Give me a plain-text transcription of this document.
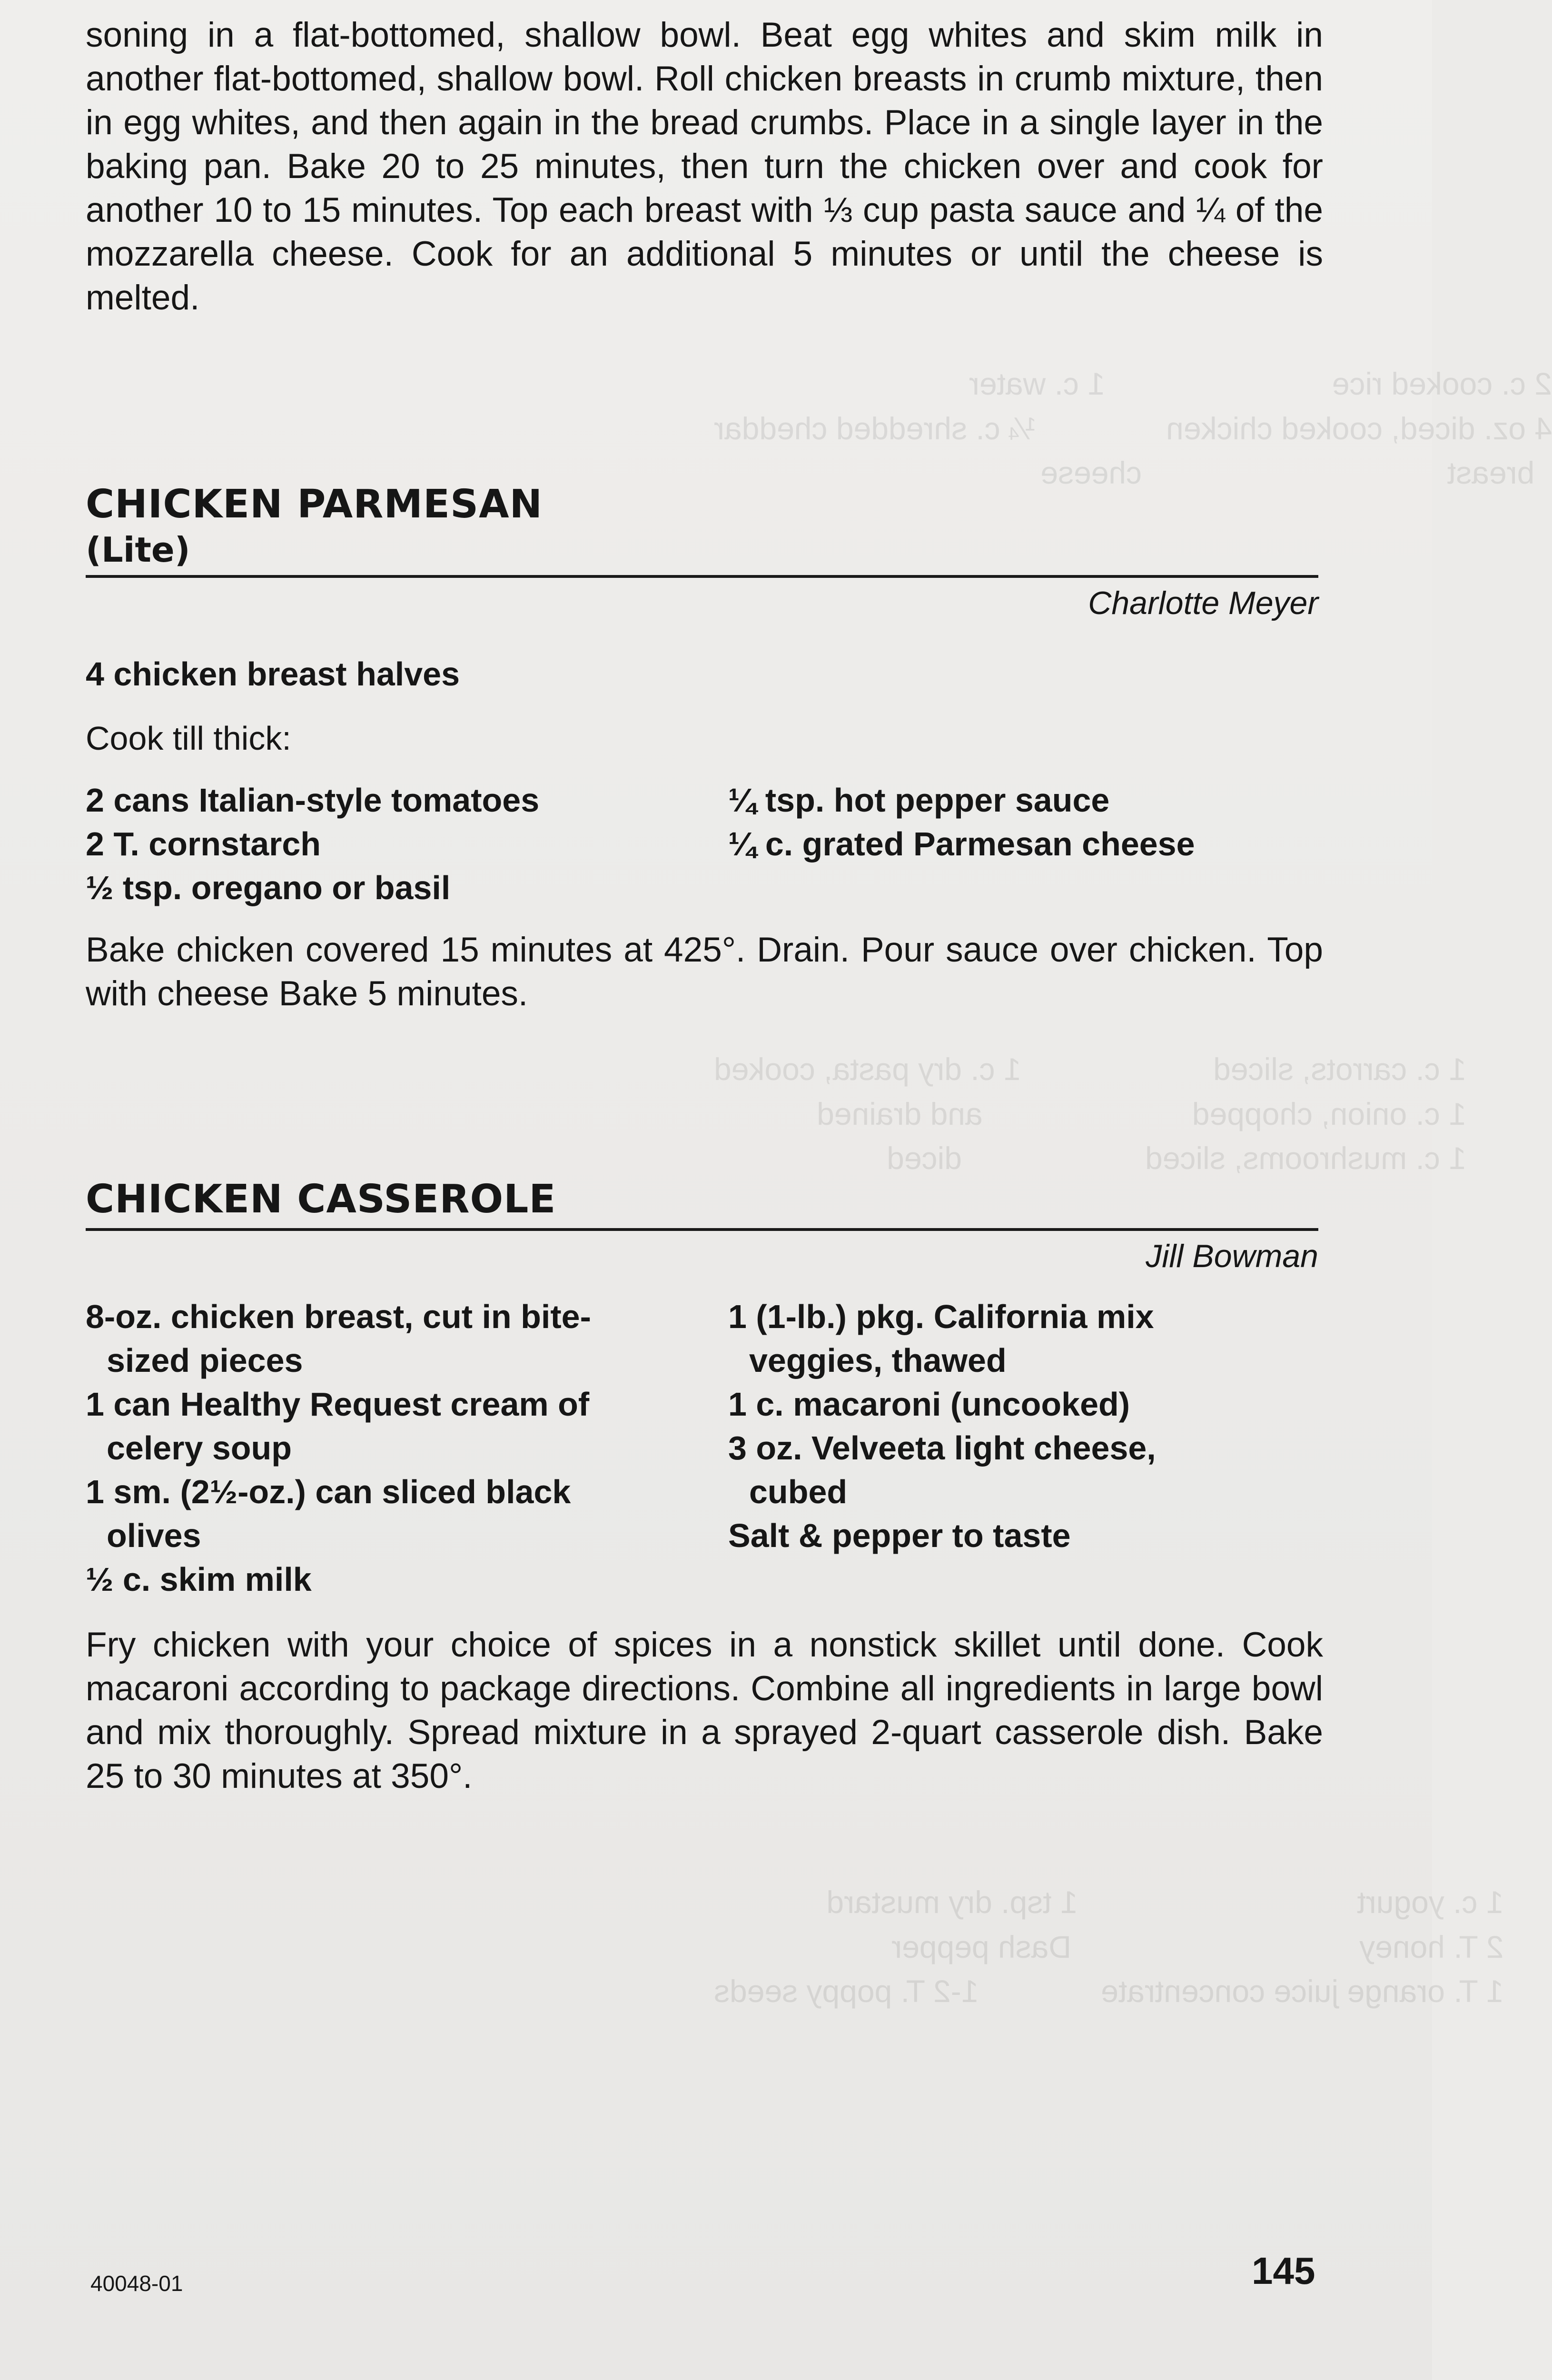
2 c. cooked rice                          1 c. water
4 oz. diced, cooked chicken               ¼ c. shredded cheddar
breast                                   cheese
1 c. carrots, sliced                      1 c. dry pasta, cooked
1 c. onion, chopped                        and drained
1 c. mushrooms, sliced                     diced
1 c. yogurt                                1 tsp. dry mustard
2 T. honey                                 Dash pepper
1 T. orange juice concentrate              1-2 T. poppy seeds

soning in a flat-bottomed, shallow bowl. Beat egg whites and skim milk in another flat-bottomed, shallow bowl. Roll chicken breasts in crumb mixture, then in egg whites, and then again in the bread crumbs. Place in a single layer in the baking pan. Bake 20 to 25 minutes, then turn the chicken over and cook for another 10 to 15 minutes. Top each breast with ⅓ cup pasta sauce and ¼ of the mozzarella cheese. Cook for an additional 5 minutes or until the cheese is melted.

CHICKEN PARMESAN

(Lite)

Charlotte Meyer

4 chicken breast halves

Cook till thick:

2 cans Italian-style tomatoes

2 T. cornstarch

½ tsp. oregano or basil

¼ tsp. hot pepper sauce

¼ c. grated Parmesan cheese

Bake chicken covered 15 minutes at 425°. Drain. Pour sauce over chicken. Top with cheese Bake 5 minutes.

CHICKEN CASSEROLE

Jill Bowman

8-oz. chicken breast, cut in bite-

sized pieces

1 can Healthy Request cream of

celery soup

1 sm. (2½-oz.) can sliced black

olives

½ c. skim milk

1 (1-lb.) pkg. California mix

veggies, thawed

1 c. macaroni (uncooked)

3 oz. Velveeta light cheese,

cubed

Salt & pepper to taste

Fry chicken with your choice of spices in a nonstick skillet until done. Cook macaroni according to package directions. Combine all ingredients in large bowl and mix thoroughly. Spread mixture in a sprayed 2-quart casserole dish. Bake 25 to 30 minutes at 350°.

40048-01	145
